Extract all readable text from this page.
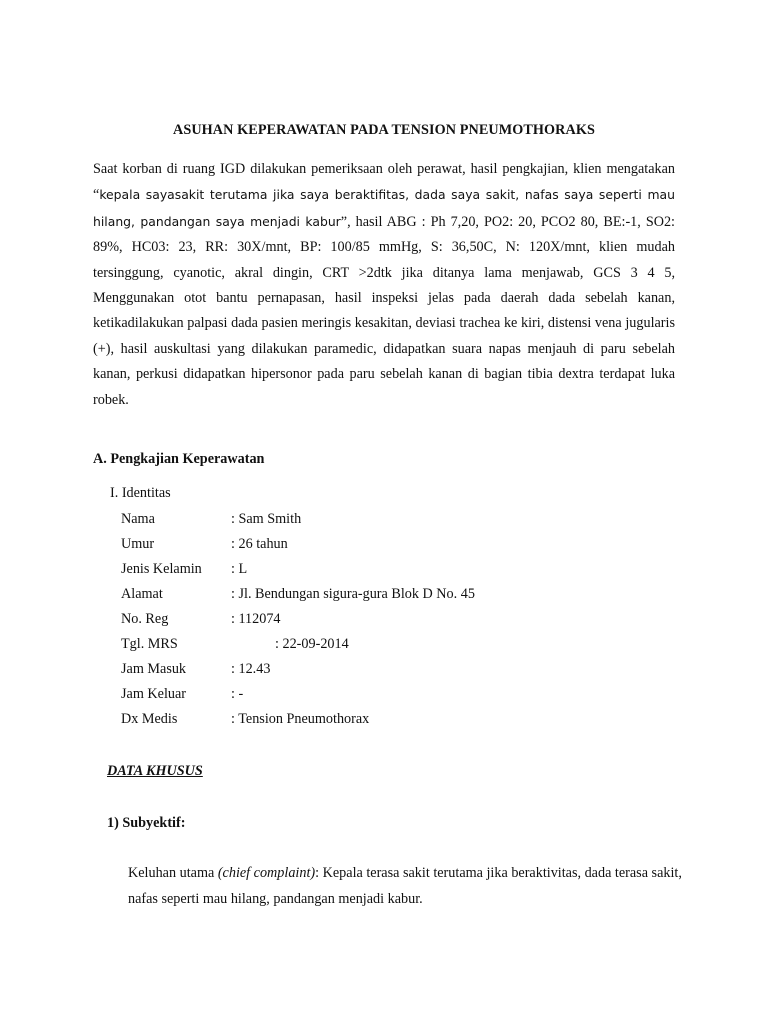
ASUHAN KEPERAWATAN PADA TENSION PNEUMOTHORAKS

Saat korban di ruang IGD dilakukan pemeriksaan oleh perawat, hasil pengkajian, klien mengatakan “kepala sayasakit terutama jika saya beraktifitas, dada saya sakit, nafas saya seperti mau hilang, pandangan saya menjadi kabur”, hasil ABG : Ph 7,20, PO2: 20, PCO2 80, BE:-1, SO2: 89%, HC03: 23, RR: 30X/mnt, BP: 100/85 mmHg, S: 36,50C, N: 120X/mnt, klien mudah tersinggung, cyanotic, akral dingin, CRT >2dtk jika ditanya lama menjawab, GCS 3 4 5, Menggunakan otot bantu pernapasan, hasil inspeksi jelas pada daerah dada sebelah kanan, ketikadilakukan palpasi dada pasien meringis kesakitan, deviasi trachea ke kiri, distensi vena jugularis (+), hasil auskultasi yang dilakukan paramedic, didapatkan suara napas menjauh di paru sebelah kanan, perkusi didapatkan hipersonor pada paru sebelah kanan di bagian tibia dextra terdapat luka robek.

A. Pengkajian Keperawatan
I. Identitas
Nama	: Sam Smith
Umur	: 26 tahun
Jenis Kelamin	: L
Alamat	: Jl. Bendungan sigura-gura Blok D No. 45
No. Reg	: 112074
Tgl. MRS	: 22-09-2014
Jam Masuk	: 12.43
Jam Keluar	: -
Dx Medis	: Tension Pneumothorax
DATA KHUSUS
1) Subyektif:

Keluhan utama (chief complaint): Kepala terasa sakit terutama jika beraktivitas, dada terasa sakit, nafas seperti mau hilang, pandangan menjadi kabur.
